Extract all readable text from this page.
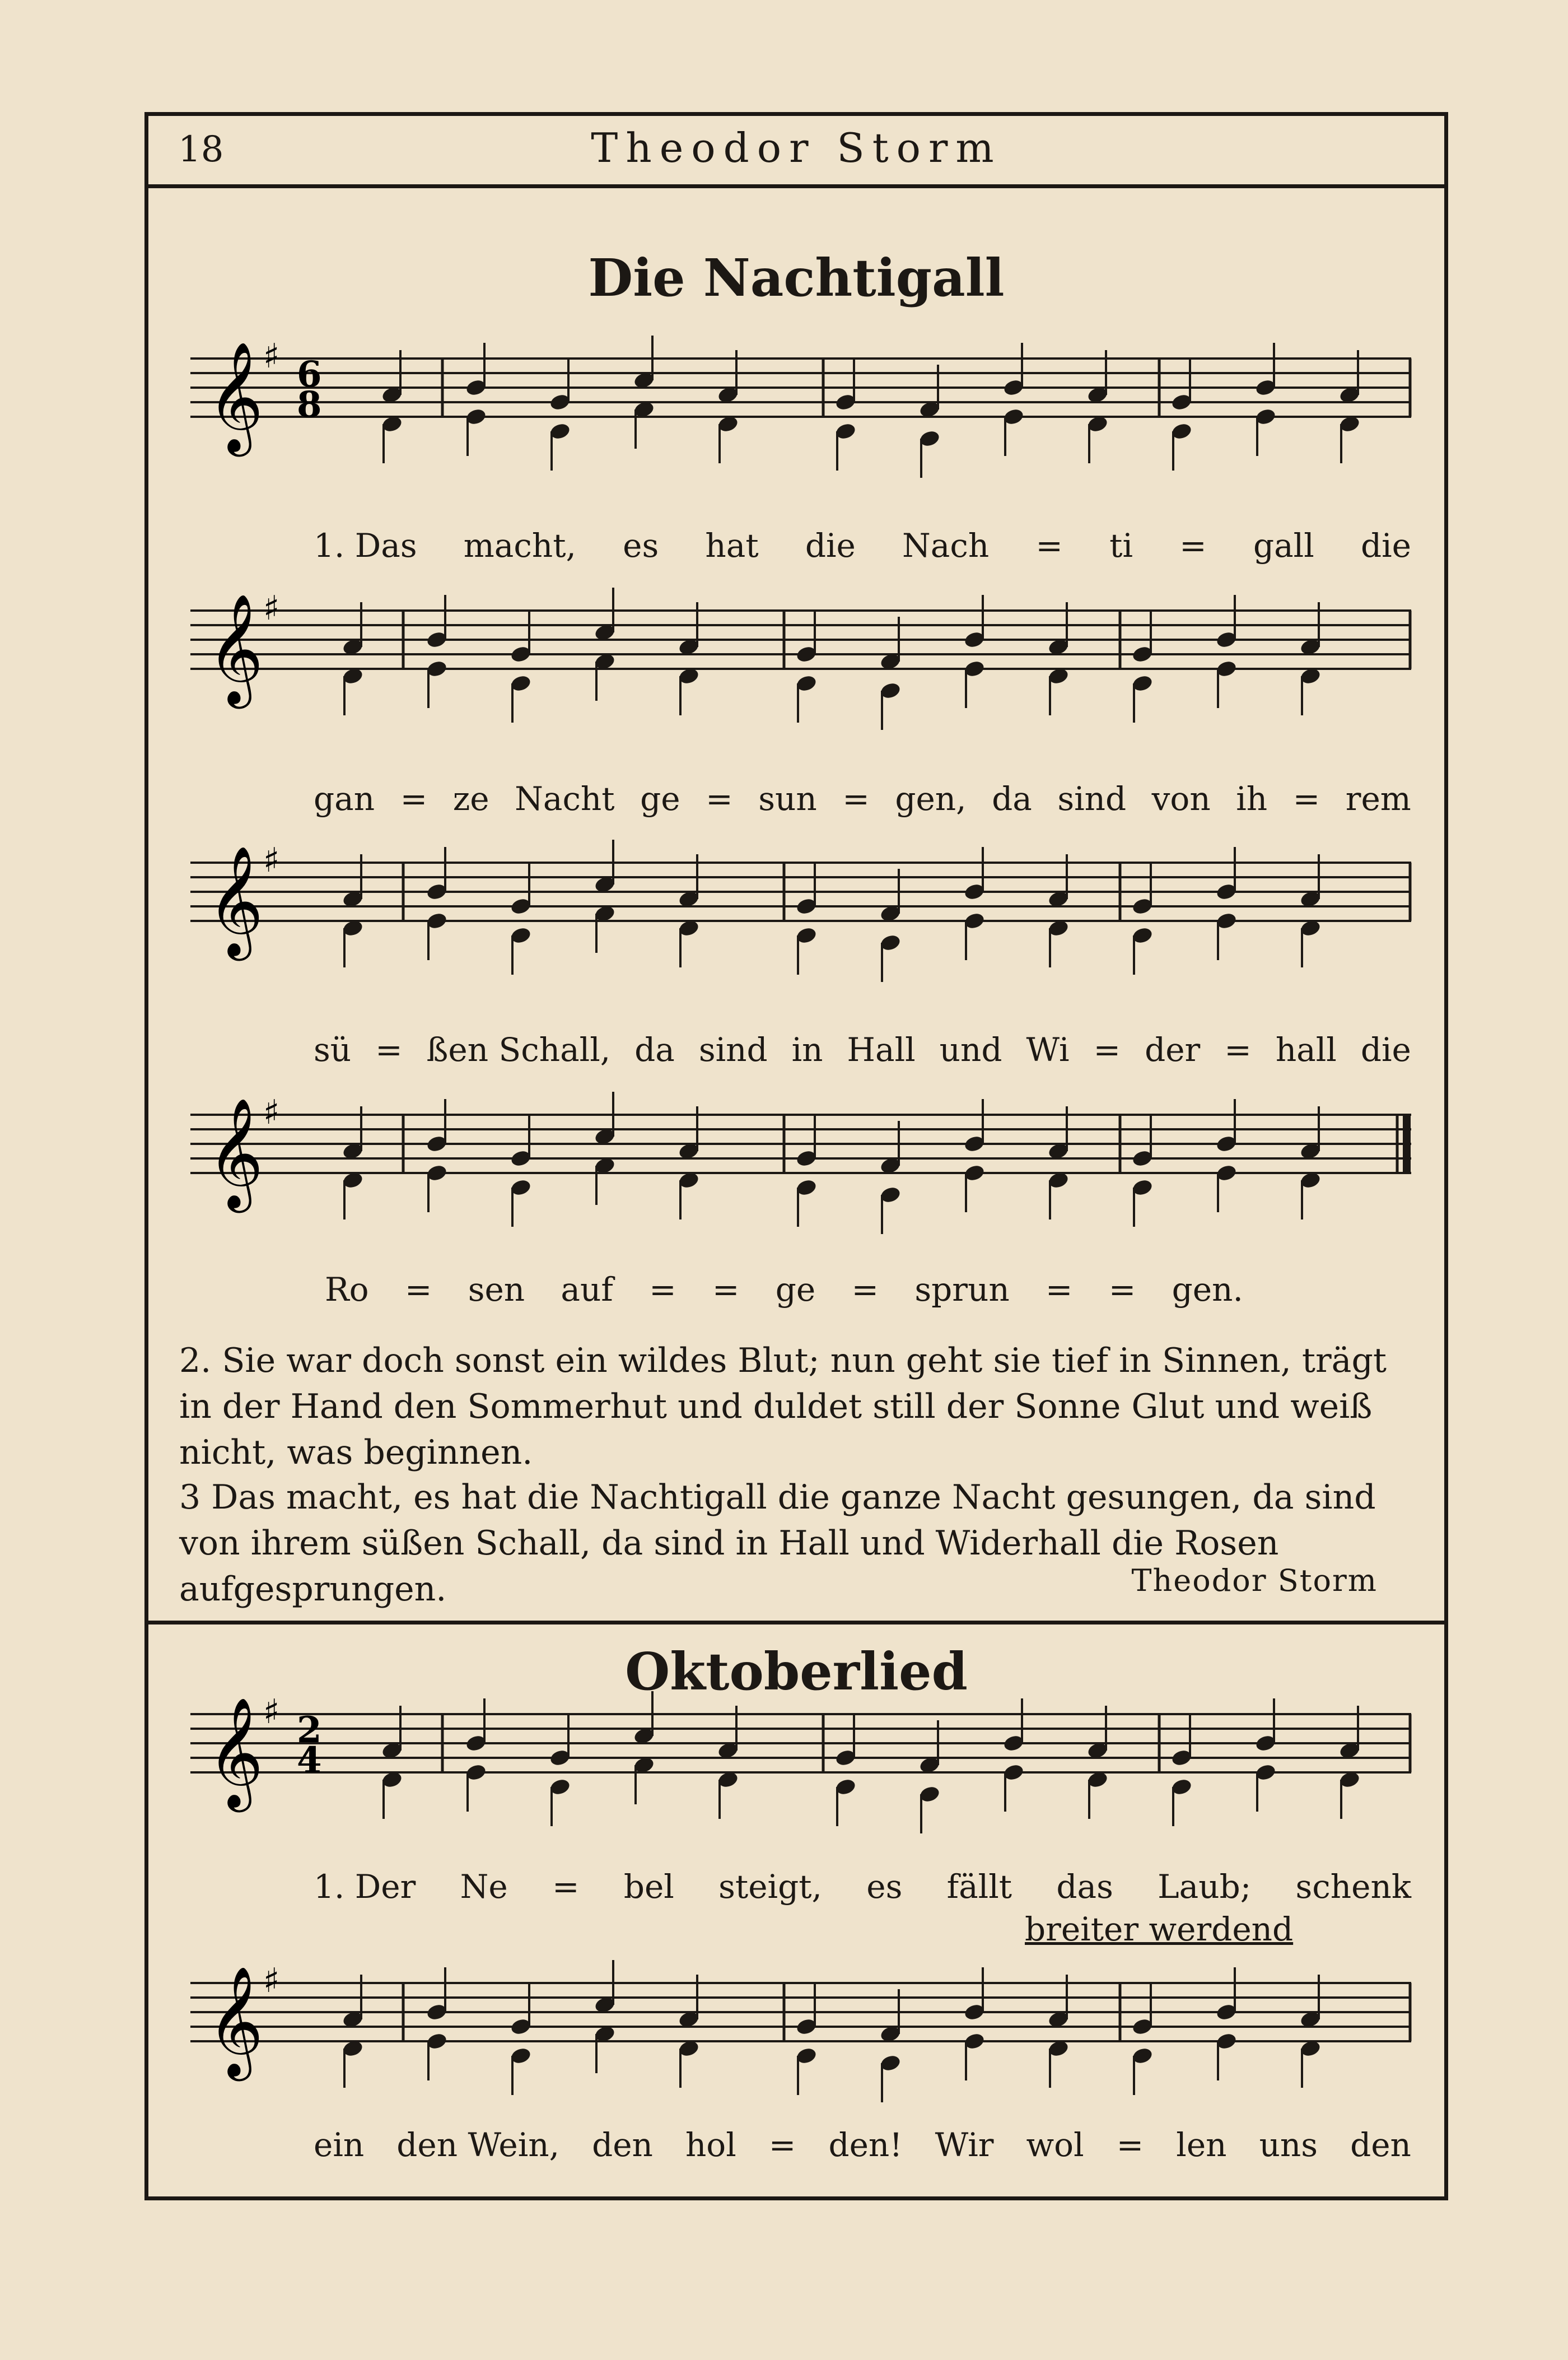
18	Theodor Storm
Die Nachtigall
𝄞 ♯ 6
8
1. Das macht, es hat die Nach = ti = gall die
𝄞 ♯
gan = ze Nacht ge = sun = gen, da sind von ih = rem
𝄞 ♯
sü = ßen Schall, da sind in Hall und Wi = der = hall die
𝄞 ♯
Ro = sen auf = = ge = sprun = = gen.
2. Sie war doch sonst ein wildes Blut; nun geht sie tief in Sinnen, trägt in der Hand den Sommerhut und duldet still der Sonne Glut und weiß nicht, was beginnen.
3 Das macht, es hat die Nachtigall die ganze Nacht gesungen, da sind von ihrem süßen Schall, da sind in Hall und Widerhall die Rosen aufgesprungen.	Theodor Storm
Oktoberlied
𝄞 ♯ 2
4
1. Der Ne = bel steigt, es fällt das Laub; schenk
breiter werdend
𝄞 ♯
ein den Wein, den hol = den! Wir wol = len uns den
